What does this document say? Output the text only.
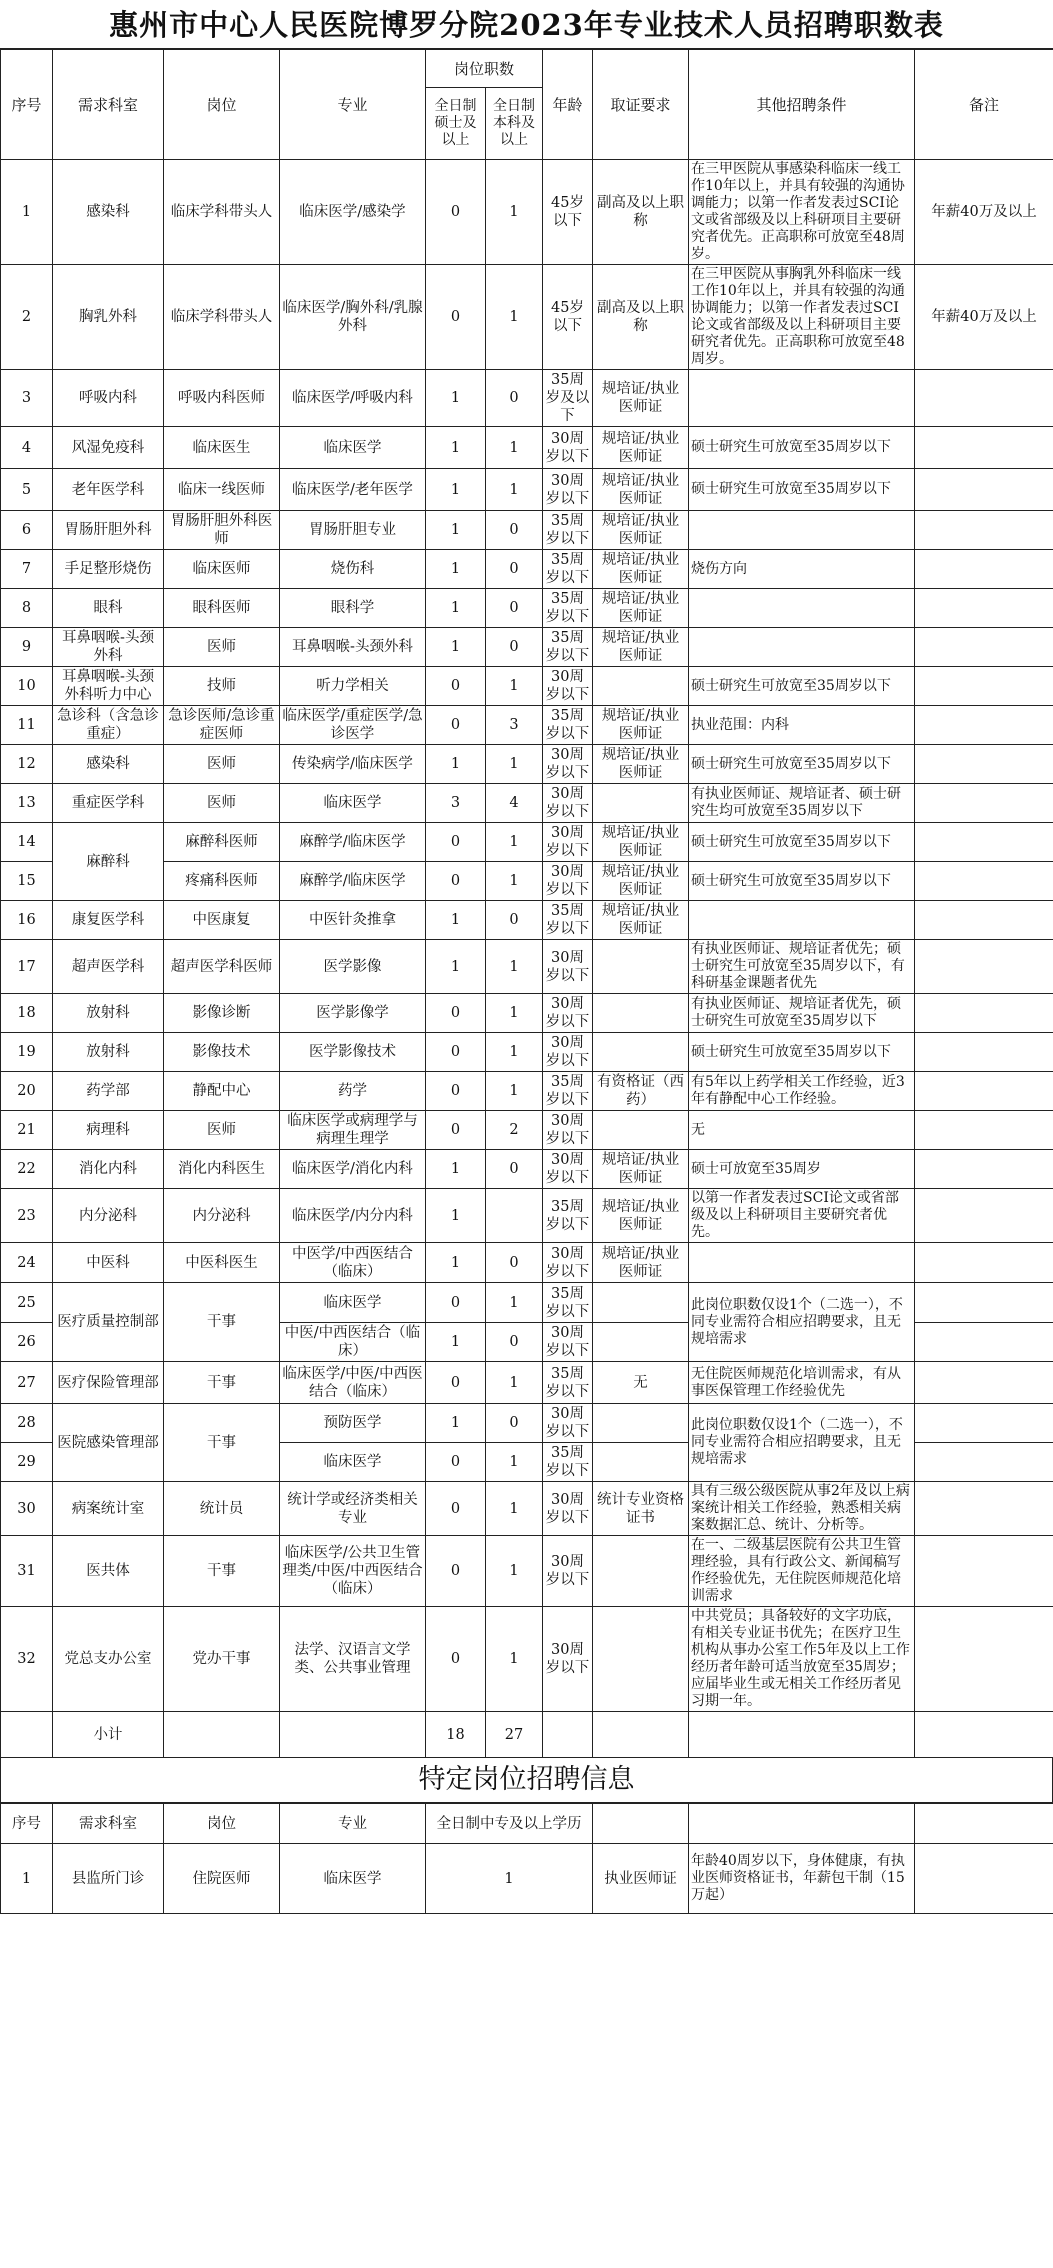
惠州市中心人民医院博罗分院2023年专业技术人员招聘职数表
序号	需求科室	岗位	专业	岗位职数		年龄	取证要求	其他招聘条件	备注
				全日制硕士及以上	全日制本科及以上				
1	感染科	临床学科带头人	临床医学/感染学	0	1	45岁以下	副高及以上职称	在三甲医院从事感染科临床一线工作10年以上，并具有较强的沟通协调能力；以第一作者发表过SCI论文或省部级及以上科研项目主要研究者优先。正高职称可放宽至48周岁。	年薪40万及以上
2	胸乳外科	临床学科带头人	临床医学/胸外科/乳腺外科	0	1	45岁以下	副高及以上职称	在三甲医院从事胸乳外科临床一线工作10年以上，并具有较强的沟通协调能力；以第一作者发表过SCI论文或省部级及以上科研项目主要研究者优先。正高职称可放宽至48周岁。	年薪40万及以上
3	呼吸内科	呼吸内科医师	临床医学/呼吸内科	1	0	35周岁及以下	规培证/执业医师证		
4	风湿免疫科	临床医生	临床医学	1	1	30周岁以下	规培证/执业医师证	硕士研究生可放宽至35周岁以下	
5	老年医学科	临床一线医师	临床医学/老年医学	1	1	30周岁以下	规培证/执业医师证	硕士研究生可放宽至35周岁以下	
6	胃肠肝胆外科	胃肠肝胆外科医师	胃肠肝胆专业	1	0	35周岁以下	规培证/执业医师证		
7	手足整形烧伤	临床医师	烧伤科	1	0	35周岁以下	规培证/执业医师证	烧伤方向	
8	眼科	眼科医师	眼科学	1	0	35周岁以下	规培证/执业医师证		
9	耳鼻咽喉-头颈外科	医师	耳鼻咽喉-头颈外科	1	0	35周岁以下	规培证/执业医师证		
10	耳鼻咽喉-头颈外科听力中心	技师	听力学相关	0	1	30周岁以下		硕士研究生可放宽至35周岁以下	
11	急诊科（含急诊重症）	急诊医师/急诊重症医师	临床医学/重症医学/急诊医学	0	3	35周岁以下	规培证/执业医师证	执业范围：内科	
12	感染科	医师	传染病学/临床医学	1	1	30周岁以下	规培证/执业医师证	硕士研究生可放宽至35周岁以下	
13	重症医学科	医师	临床医学	3	4	30周岁以下		有执业医师证、规培证者、硕士研究生均可放宽至35周岁以下	
14	麻醉科	麻醉科医师	麻醉学/临床医学	0	1	30周岁以下	规培证/执业医师证	硕士研究生可放宽至35周岁以下	
15		疼痛科医师	麻醉学/临床医学	0	1	30周岁以下	规培证/执业医师证	硕士研究生可放宽至35周岁以下	
16	康复医学科	中医康复	中医针灸推拿	1	0	35周岁以下	规培证/执业医师证		
17	超声医学科	超声医学科医师	医学影像	1	1	30周岁以下		有执业医师证、规培证者优先；硕士研究生可放宽至35周岁以下，有科研基金课题者优先	
18	放射科	影像诊断	医学影像学	0	1	30周岁以下		有执业医师证、规培证者优先，硕士研究生可放宽至35周岁以下	
19	放射科	影像技术	医学影像技术	0	1	30周岁以下		硕士研究生可放宽至35周岁以下	
20	药学部	静配中心	药学	0	1	35周岁以下	有资格证（西药）	有5年以上药学相关工作经验，近3年有静配中心工作经验。	
21	病理科	医师	临床医学或病理学与病理生理学	0	2	30周岁以下		无	
22	消化内科	消化内科医生	临床医学/消化内科	1	0	30周岁以下	规培证/执业医师证	硕士可放宽至35周岁	
23	内分泌科	内分泌科	临床医学/内分内科	1		35周岁以下	规培证/执业医师证	以第一作者发表过SCI论文或省部级及以上科研项目主要研究者优先。	
24	中医科	中医科医生	中医学/中西医结合（临床）	1	0	30周岁以下	规培证/执业医师证		
25	医疗质量控制部	干事	临床医学	0	1	35周岁以下		此岗位职数仅设1个（二选一），不同专业需符合相应招聘要求，且无规培需求	
26			中医/中西医结合（临床）	1	0	30周岁以下			
27	医疗保险管理部	干事	临床医学/中医/中西医结合（临床）	0	1	35周岁以下	无	无住院医师规范化培训需求，有从事医保管理工作经验优先	
28	医院感染管理部	干事	预防医学	1	0	30周岁以下		此岗位职数仅设1个（二选一），不同专业需符合相应招聘要求，且无规培需求	
29			临床医学	0	1	35周岁以下			
30	病案统计室	统计员	统计学或经济类相关专业	0	1	30周岁以下	统计专业资格证书	具有三级公级医院从事2年及以上病案统计相关工作经验，熟悉相关病案数据汇总、统计、分析等。	
31	医共体	干事	临床医学/公共卫生管理类/中医/中西医结合（临床）	0	1	30周岁以下		在一、二级基层医院有公共卫生管理经验，具有行政公文、新闻稿写作经验优先，无住院医师规范化培训需求	
32	党总支办公室	党办干事	法学、汉语言文学类、公共事业管理	0	1	30周岁以下		中共党员；具备较好的文字功底，有相关专业证书优先；在医疗卫生机构从事办公室工作5年及以上工作经历者年龄可适当放宽至35周岁；应届毕业生或无相关工作经历者见习期一年。	
	小计			18	27				
特定岗位招聘信息
序号	需求科室	岗位	专业	全日制中专及以上学历			
1	县监所门诊	住院医师	临床医学	1	执业医师证	年龄40周岁以下，身体健康，有执业医师资格证书，年薪包干制（15万起）	
